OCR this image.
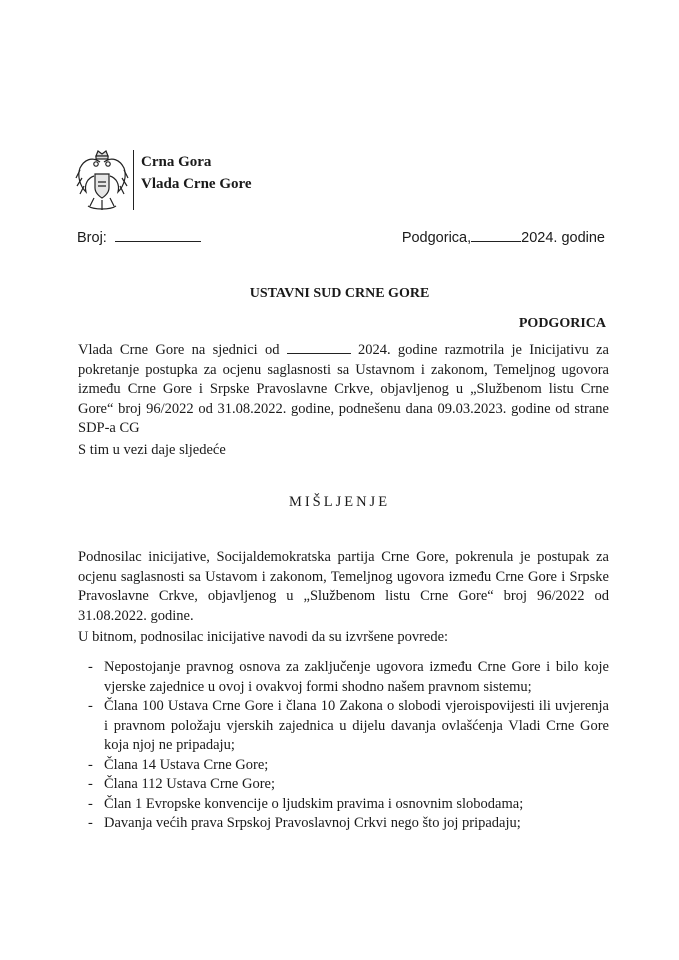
Crna Gora
Vlada Crne Gore
Broj:	Podgorica,	2024. godine
USTAVNI SUD CRNE GORE
PODGORICA

Vlada Crne Gore na sjednici od	2024. godine razmotrila je Inicijativu za pokretanje postupka za ocjenu saglasnosti sa Ustavnom i zakonom, Temeljnog ugovora između Crne Gore i Srpske Pravoslavne Crkve, objavljenog u „Službenom listu Crne Gore“ broj 96/2022 od 31.08.2022. godine, podnešenu dana 09.03.2023. godine od strane SDP-a CG

S tim u vezi daje sljedeće

MIŠLJENJE

Podnosilac inicijative, Socijaldemokratska partija Crne Gore, pokrenula je postupak za ocjenu saglasnosti sa Ustavom i zakonom, Temeljnog ugovora između Crne Gore i Srpske Pravoslavne Crkve, objavljenog u „Službenom listu Crne Gore“ broj 96/2022 od 31.08.2022. godine.

U bitnom, podnosilac inicijative navodi da su izvršene povrede:

- Nepostojanje pravnog osnova za zaključenje ugovora između Crne Gore i bilo koje vjerske zajednice u ovoj i ovakvoj formi shodno našem pravnom sistemu;
- Člana 100 Ustava Crne Gore i člana 10 Zakona o slobodi vjeroispovijesti ili uvjerenja i pravnom položaju vjerskih zajednica u dijelu davanja ovlašćenja Vladi Crne Gore koja njoj ne pripadaju;
- Člana 14 Ustava Crne Gore;
- Člana 112 Ustava Crne Gore;
- Član 1 Evropske konvencije o ljudskim pravima i osnovnim slobodama;
- Davanja većih prava Srpskoj Pravoslavnoj Crkvi nego što joj pripadaju;
